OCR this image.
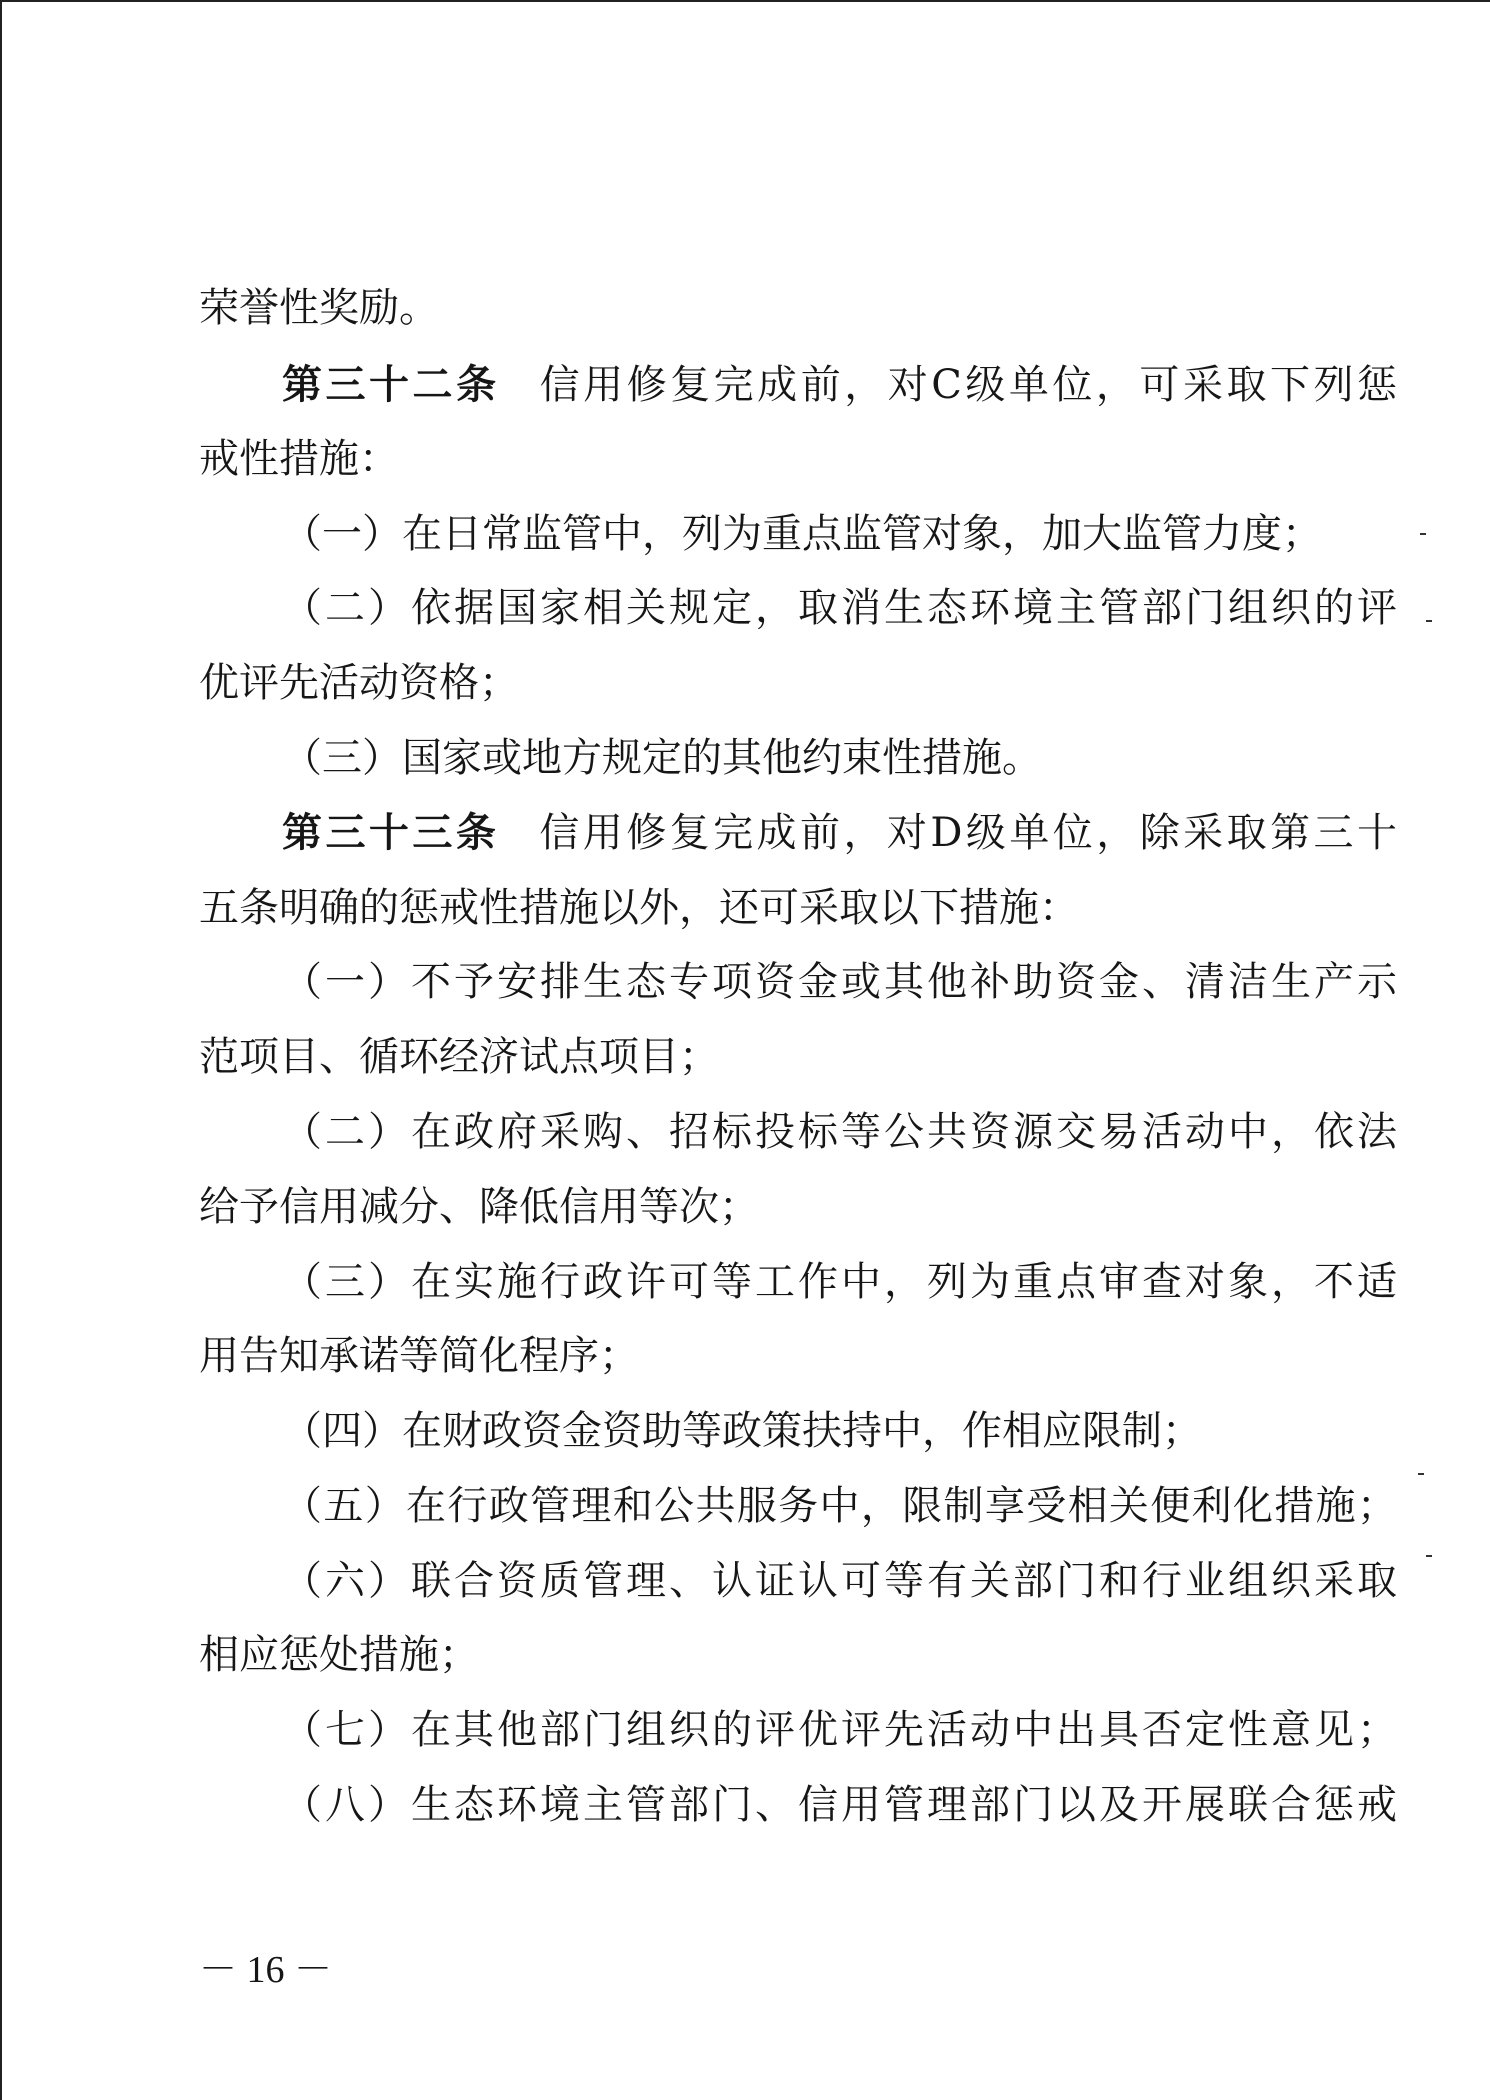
荣誉性奖励。
第三十二条 信用修复完成前，对C级单位，可采取下列惩
戒性措施：
（一）在日常监管中，列为重点监管对象，加大监管力度；
（二）依据国家相关规定，取消生态环境主管部门组织的评
优评先活动资格；
（三）国家或地方规定的其他约束性措施。
第三十三条 信用修复完成前，对D级单位，除采取第三十
五条明确的惩戒性措施以外，还可采取以下措施：
（一）不予安排生态专项资金或其他补助资金、清洁生产示
范项目、循环经济试点项目；
（二）在政府采购、招标投标等公共资源交易活动中，依法
给予信用减分、降低信用等次；
（三）在实施行政许可等工作中，列为重点审查对象，不适
用告知承诺等简化程序；
（四）在财政资金资助等政策扶持中，作相应限制；
（五）在行政管理和公共服务中，限制享受相关便利化措施；
（六）联合资质管理、认证认可等有关部门和行业组织采取
相应惩处措施；
（七）在其他部门组织的评优评先活动中出具否定性意见；
（八）生态环境主管部门、信用管理部门以及开展联合惩戒
－ 16 －
